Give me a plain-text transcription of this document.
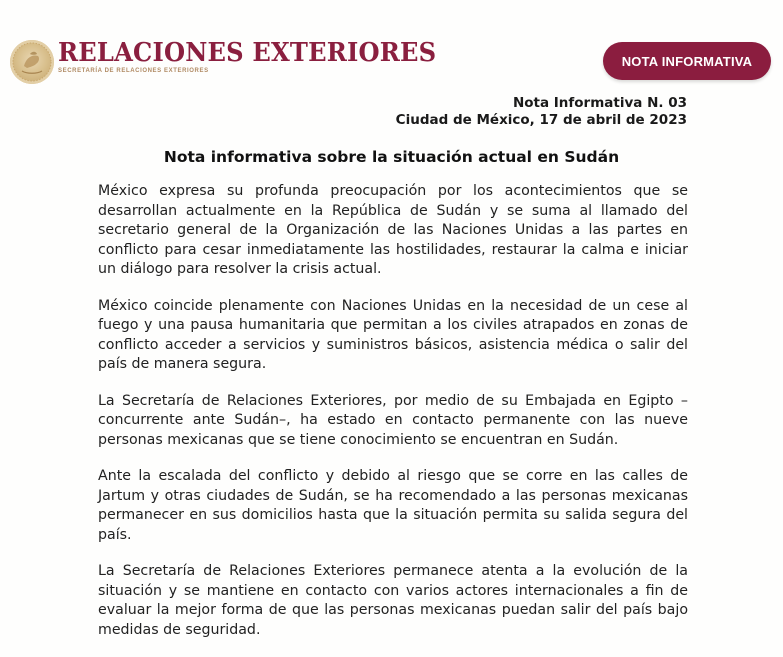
RELACIONES EXTERIORES
SECRETARÍA DE RELACIONES EXTERIORES
NOTA INFORMATIVA
Nota Informativa N. 03
Ciudad de México, 17 de abril de 2023
Nota informativa sobre la situación actual en Sudán

México expresa su profunda preocupación por los acontecimientos que se desarrollan actualmente en la República de Sudán y se suma al llamado del secretario general de la Organización de las Naciones Unidas a las partes en conflicto para cesar inmediatamente las hostilidades, restaurar la calma e iniciar un diálogo para resolver la crisis actual.

México coincide plenamente con Naciones Unidas en la necesidad de un cese al fuego y una pausa humanitaria que permitan a los civiles atrapados en zonas de conflicto acceder a servicios y suministros básicos, asistencia médica o salir del país de manera segura.

La Secretaría de Relaciones Exteriores, por medio de su Embajada en Egipto –concurrente ante Sudán–, ha estado en contacto permanente con las nueve personas mexicanas que se tiene conocimiento se encuentran en Sudán.

Ante la escalada del conflicto y debido al riesgo que se corre en las calles de Jartum y otras ciudades de Sudán, se ha recomendado a las personas mexicanas permanecer en sus domicilios hasta que la situación permita su salida segura del país.

La Secretaría de Relaciones Exteriores permanece atenta a la evolución de la situación y se mantiene en contacto con varios actores internacionales a fin de evaluar la mejor forma de que las personas mexicanas puedan salir del país bajo medidas de seguridad.
